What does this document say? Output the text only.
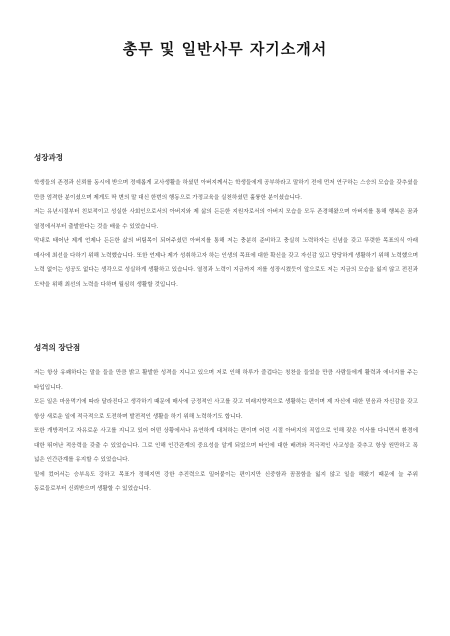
총무 및 일반사무 자기소개서
성장과정

학생들의 존경과 신뢰를 동시에 받으며 정예롭게 교사생활을 하셨던 아버지께서는 학생들에게 공부하라고 말하기 전에 먼저 연구하는 스승의 모습을 갖추셨을 만큼 엄격한 분이셨으며 제게도 딱 변의 말 대신 한번의 행동으로 가정교육을 실천하셨던 훌륭한 분이셨습니다.

저는 유년시절부터 친보적이고 성실한 사회인으로서의 아버지와 제 삶의 든든한 지원자로서의 아버지 모습을 모두 존경해왔으며 아버지를 통해 행복은 꿈과 열정에서부터 출발한다는 것을 배울 수 있었습니다.

막내로 태어난 제게 언제나 든든한 삶의 버팀목이 되어주셨던 아버지를 통해 저는 충분히 준비하고 충실히 노력하자는 신념을 갖고 뚜렷한 목표의식 아래 매사에 최선을 다하기 위해 노력했습니다. 또한 언제나 제가 성취하고자 하는 인생의 목표에 대한 확신을 갖고 자신감 있고 당당하게 생활하기 위해 노력했으며 노력 없이는 성공도 없다는 생각으로 성실하게 생활하고 있습니다. 열정과 노력이 지금까지 저를 성장시켰듯이 앞으로도 저는 지금의 모습을 잃지 않고 전진과 도약을 위해 최선의 노력을 다하며 월심히 생활할 것입니다.

성격의 장단점

저는 항상 유쾌하다는 말을 들을 만큼 밝고 활발한 성격을 지니고 있으며 저로 인해 하루가 즐겁다는 칭찬을 들었을 만큼 사람들에게 활력과 에너지를 주는 타입입니다.

모든 일은 마음먹기에 따라 달라진다고 생각하기 때문에 매사에 긍정적인 사고를 갖고 미래지향적으로 생활하는 편이며 제 자신에 대한 믿음과 자신감을 갖고 항상 새로운 일에 적극적으로 도전하며 발전적인 생활을 하기 위해 노력하기도 합니다.

또한 개방적이고 자유로운 사고를 지니고 있어 어떤 상황에서나 유연하게 대처하는 편이며 어린 시절 아버지의 직업으로 인해 잦은 이사를 다니면서 환경에 대한 뛰어난 적응력을 갖출 수 있었습니다. 그로 인해 인간관계의 중요성을 알게 되었으며 타인에 대한 배려와 적극적인 사교성을 갖추고 항상 원만하고 폭 넓은 인간관계를 유지할 수 있었습니다.

밑에 컸어서는 승부욕도 강하고 목표가 정해지면 강한 추진력으로 밀어붙이는 편이지만 신중함과 꼼꼼함을 잃지 않고 일을 해왔기 때문에 늘 주위 동료들로부터 신뢰받으며 생활할 수 있었습니다.
